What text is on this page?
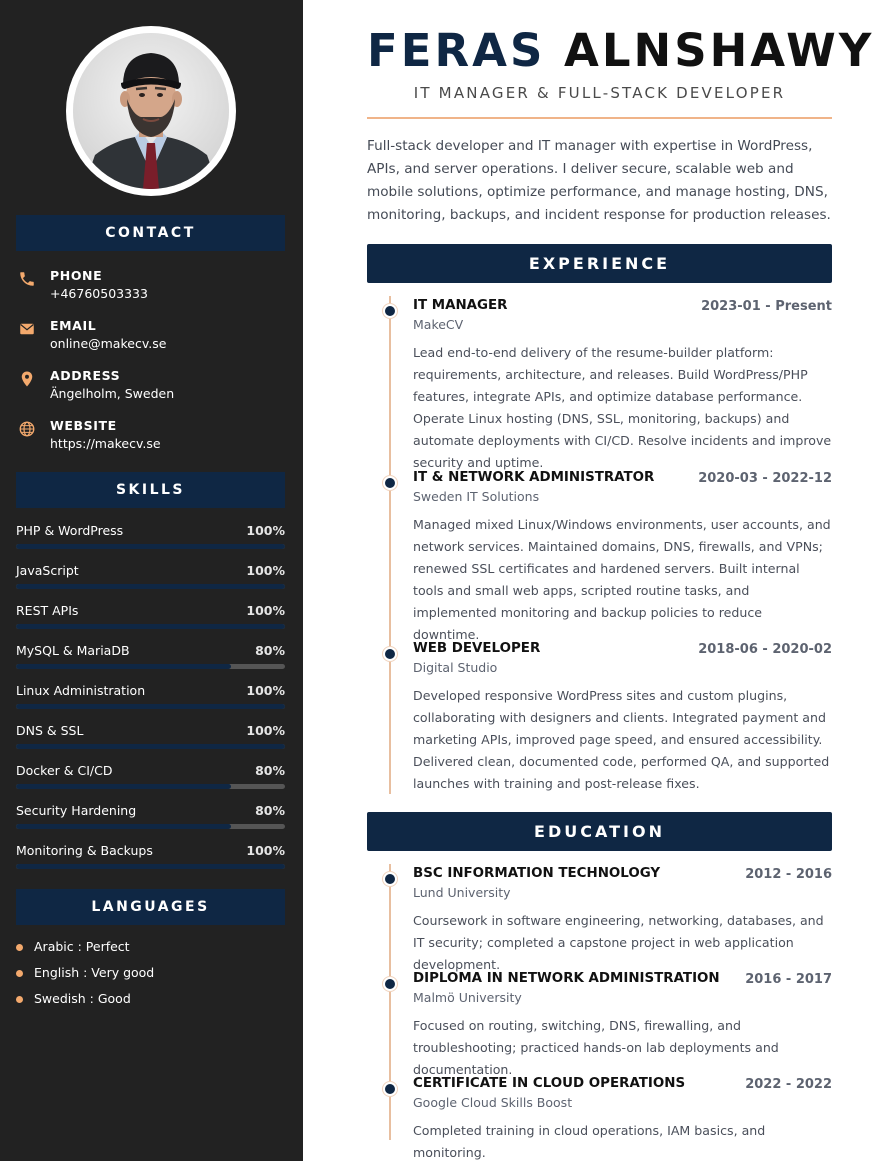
CONTACT
PHONE
+46760503333
EMAIL
online@makecv.se
ADDRESS
Ängelholm, Sweden
WEBSITE
https://makecv.se
SKILLS
PHP & WordPress	100%
JavaScript	100%
REST APIs	100%
MySQL & MariaDB	80%
Linux Administration	100%
DNS & SSL	100%
Docker & CI/CD	80%
Security Hardening	80%
Monitoring & Backups	100%
LANGUAGES
Arabic : Perfect
English : Very good
Swedish : Good
FERAS ALNSHAWY
IT MANAGER & FULL-STACK DEVELOPER
Full-stack developer and IT manager with expertise in WordPress, APIs, and server operations. I deliver secure, scalable web and mobile solutions, optimize performance, and manage hosting, DNS, monitoring, backups, and incident response for production releases.
EXPERIENCE
IT MANAGER	2023-01 - Present
MakeCV
Lead end-to-end delivery of the resume-builder platform: requirements, architecture, and releases. Build WordPress/PHP features, integrate APIs, and optimize database performance. Operate Linux hosting (DNS, SSL, monitoring, backups) and automate deployments with CI/CD. Resolve incidents and improve security and uptime.
IT & NETWORK ADMINISTRATOR	2020-03 - 2022-12
Sweden IT Solutions
Managed mixed Linux/Windows environments, user accounts, and network services. Maintained domains, DNS, firewalls, and VPNs; renewed SSL certificates and hardened servers. Built internal tools and small web apps, scripted routine tasks, and implemented monitoring and backup policies to reduce downtime.
WEB DEVELOPER	2018-06 - 2020-02
Digital Studio
Developed responsive WordPress sites and custom plugins, collaborating with designers and clients. Integrated payment and marketing APIs, improved page speed, and ensured accessibility. Delivered clean, documented code, performed QA, and supported launches with training and post-release fixes.
EDUCATION
BSC INFORMATION TECHNOLOGY	2012 - 2016
Lund University
Coursework in software engineering, networking, databases, and IT security; completed a capstone project in web application development.
DIPLOMA IN NETWORK ADMINISTRATION 2016 - 2017
Malmö University
Focused on routing, switching, DNS, firewalling, and troubleshooting; practiced hands-on lab deployments and documentation.
CERTIFICATE IN CLOUD OPERATIONS	2022 - 2022
Google Cloud Skills Boost
Completed training in cloud operations, IAM basics, and monitoring.
